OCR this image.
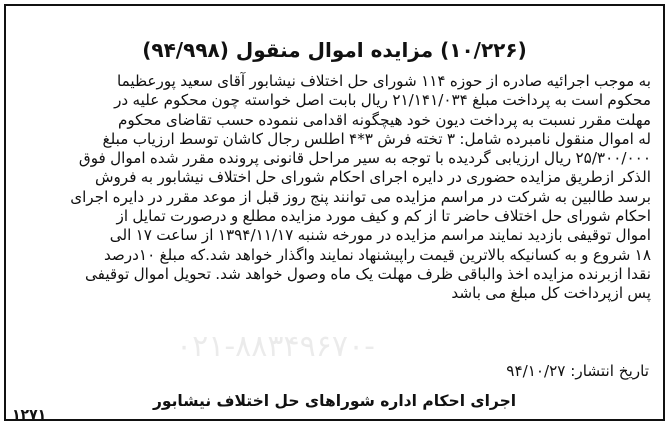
(۱۰/۲۲۶) مزایده اموال منقول (۹۴/۹۹۸)
به موجب اجرائیه صادره از حوزه ۱۱۴ شورای حل اختلاف نیشابور آقای سعید پورعظیما
محکوم است به پرداخت مبلغ ۲۱/۱۴۱/۰۳۴ ریال بابت اصل خواسته چون محکوم علیه در
مهلت مقرر نسبت به پرداخت دیون خود هیچگونه اقدامی ننموده حسب تقاضای محکوم
له اموال منقول نامبرده شامل: ۳ تخته فرش ۳*۴ اطلس رجال کاشان توسط ارزیاب مبلغ
۲۵/۳۰۰/۰۰۰ ریال ارزیابی گردیده با توجه به سیر مراحل قانونی پرونده مقرر شده اموال فوق
الذکر ازطریق مزایده حضوری در دایره اجرای احکام شورای حل اختلاف نیشابور به فروش
برسد طالبین به شرکت در مراسم مزایده می توانند پنج روز قبل از موعد مقرر در دایره اجرای
احکام شورای حل اختلاف حاضر تا از کم و کیف مورد مزایده مطلع و درصورت تمایل از
اموال توقیفی بازدید نمایند مراسم مزایده در مورخه شنبه ۱۳۹۴/۱۱/۱۷ از ساعت ۱۷ الی
۱۸ شروع و به کسانیکه بالاترین قیمت راپیشنهاد نمایند واگذار خواهد شد.که مبلغ ۱۰درصد
نقدا ازبرنده مزایده اخذ والباقی ظرف مهلت یک ماه وصول خواهد شد. تحویل اموال توقیفی
پس ازپرداخت کل مبلغ می باشد
۰۲۱-۸۸۳۴۹۶۷۰-
تاریخ انتشار: ۹۴/۱۰/۲۷
اجرای احکام اداره شوراهای حل اختلاف نیشابور
۱۲۷۱
